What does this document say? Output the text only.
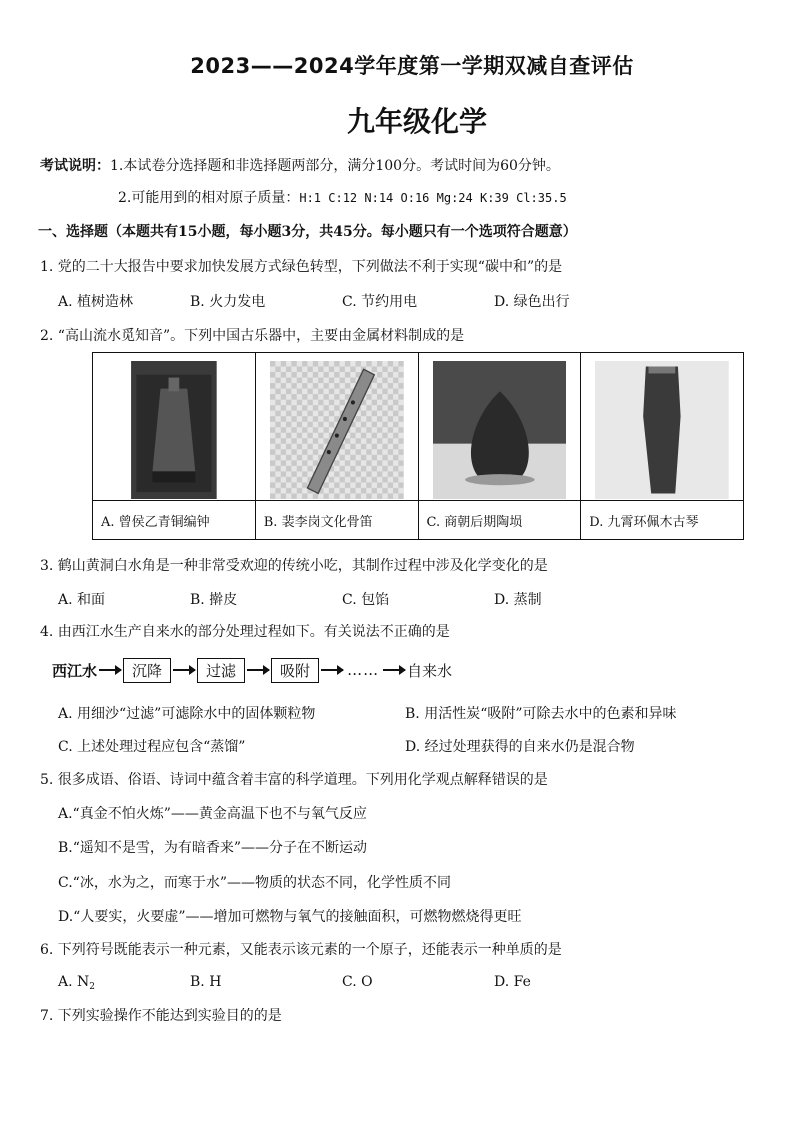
2023——2024学年度第一学期双减自查评估
九年级化学
考试说明：1.本试卷分选择题和非选择题两部分，满分100分。考试时间为60分钟。
2.可能用到的相对原子质量：H:1 C:12 N:14 O:16 Mg:24 K:39 Cl:35.5
一、选择题（本题共有15小题，每小题3分，共45分。每小题只有一个选项符合题意）
1. 党的二十大报告中要求加快发展方式绿色转型，下列做法不利于实现“碳中和”的是
A. 植树造林	B. 火力发电	C. 节约用电	D. 绿色出行
2. “高山流水觅知音”。下列中国古乐器中，主要由金属材料制成的是
A. 曾侯乙青铜编钟	B. 裴李岗文化骨笛	C. 商朝后期陶埙	D. 九霄环佩木古琴
3. 鹤山黄洞白水角是一种非常受欢迎的传统小吃，其制作过程中涉及化学变化的是
A. 和面	B. 擀皮	C. 包馅	D. 蒸制
4. 由西江水生产自来水的部分处理过程如下。有关说法不正确的是
西江水	沉降	过滤	吸附	…… 自来水
A. 用细沙“过滤”可滤除水中的固体颗粒物	B. 用活性炭“吸附”可除去水中的色素和异味
C. 上述处理过程应包含“蒸馏”	D. 经过处理获得的自来水仍是混合物
5. 很多成语、俗语、诗词中蕴含着丰富的科学道理。下列用化学观点解释错误的是
A.“真金不怕火炼”——黄金高温下也不与氧气反应
B.“遥知不是雪，为有暗香来”——分子在不断运动
C.“冰，水为之，而寒于水”——物质的状态不同，化学性质不同
D.“人要实，火要虚”——增加可燃物与氧气的接触面积，可燃物燃烧得更旺
6. 下列符号既能表示一种元素，又能表示该元素的一个原子，还能表示一种单质的是
A. $N_2$	B. H	C. O	D. Fe
7. 下列实验操作不能达到实验目的的是
